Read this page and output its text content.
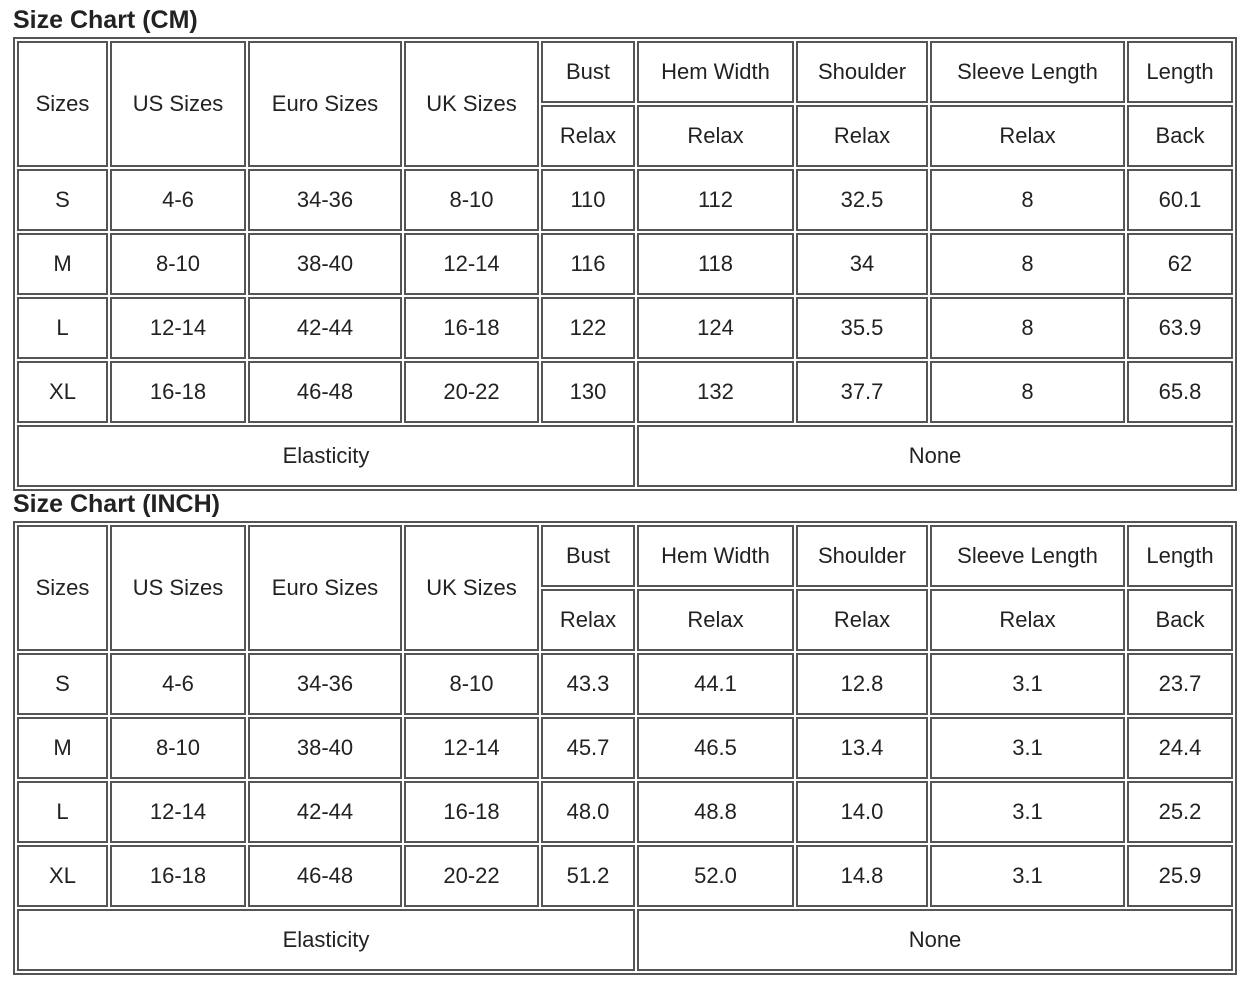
Size Chart (CM)
Sizes	US Sizes	Euro Sizes	UK Sizes	Bust	Hem Width	Shoulder	Sleeve Length	Length
				Relax	Relax	Relax	Relax	Back
S	4-6	34-36	8-10	110	112	32.5	8	60.1
M	8-10	38-40	12-14	116	118	34	8	62
L	12-14	42-44	16-18	122	124	35.5	8	63.9
XL	16-18	46-48	20-22	130	132	37.7	8	65.8
Elasticity					None			
Size Chart (INCH)
Sizes	US Sizes	Euro Sizes	UK Sizes	Bust	Hem Width	Shoulder	Sleeve Length	Length
				Relax	Relax	Relax	Relax	Back
S	4-6	34-36	8-10	43.3	44.1	12.8	3.1	23.7
M	8-10	38-40	12-14	45.7	46.5	13.4	3.1	24.4
L	12-14	42-44	16-18	48.0	48.8	14.0	3.1	25.2
XL	16-18	46-48	20-22	51.2	52.0	14.8	3.1	25.9
Elasticity					None			
